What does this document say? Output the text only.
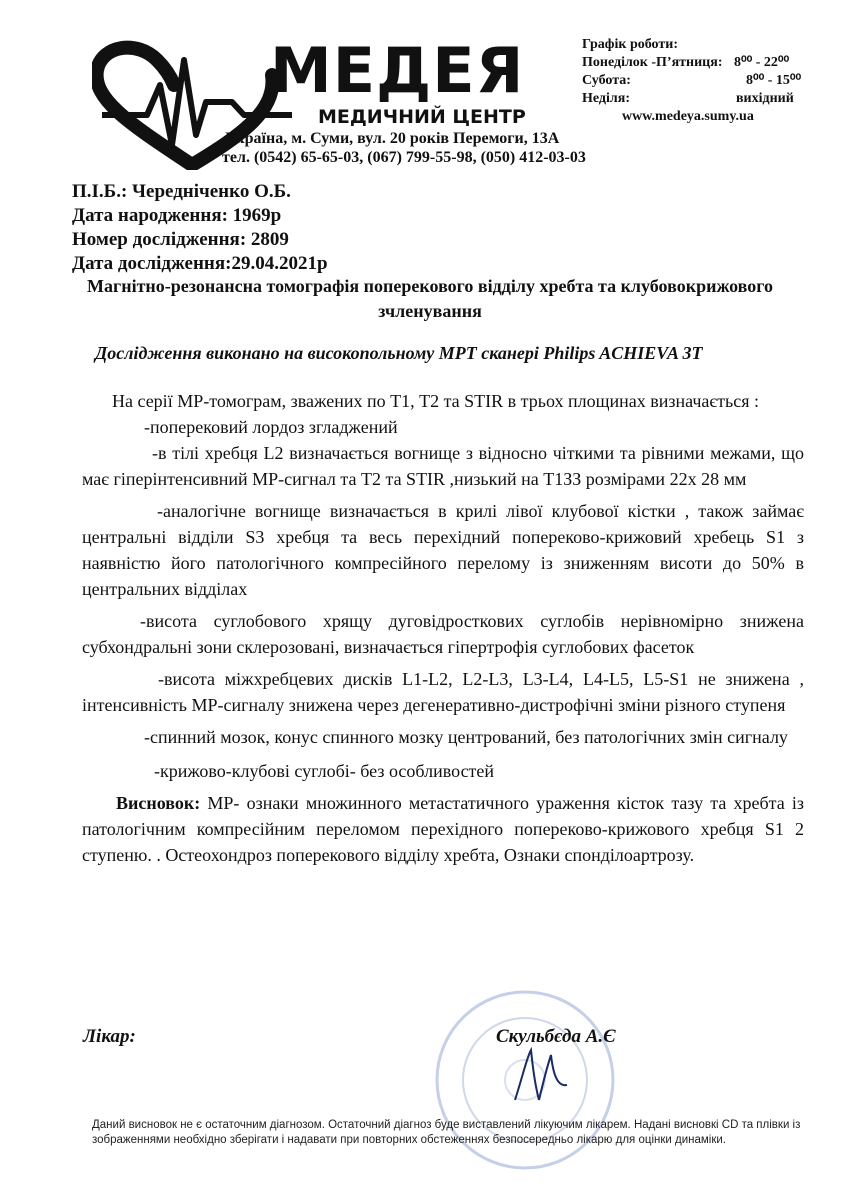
МЕДЕЯ
МЕДИЧНИЙ ЦЕНТР
Україна, м. Суми, вул. 20 років Перемоги, 13А
тел. (0542) 65-65-03, (067) 799-55-98, (050) 412-03-03
Графік роботи:
Понеділок -П’ятниця: 8⁰⁰ - 22⁰⁰
Субота:	8⁰⁰ - 15⁰⁰
Неділя:	вихідний
www.medeya.sumy.ua
П.І.Б.: Чередніченко О.Б.
Дата народження: 1969р
Номер дослідження: 2809
Дата дослідження:29.04.2021р
Магнітно-резонансна томографія поперекового відділу хребта та клубовокрижового зчленування
Дослідження виконано на високопольному МРТ сканері Philips ACHIEVA 3T

На серії МР-томограм, зважених по Т1, Т2 та STIR в трьох площинах визначається :

-поперековий лордоз згладжений

-в тілі хребця L2 визначається вогнище з відносно чіткими та рівними межами, що має гіперінтенсивний МР-сигнал та Т2 та STIR ,низький на Т1ЗЗ розмірами 22х 28 мм

-аналогічне вогнище визначається в крилі лівої клубової кістки , також займає центральні відділи S3 хребця та весь перехідний попереково-крижовий хребець S1 з наявністю його патологічного компресійного перелому із зниженням висоти до 50% в центральних відділах

-висота суглобового хрящу дуговідросткових суглобів нерівномірно знижена субхондральні зони склерозовані, визначається гіпертрофія суглобових фасеток

-висота міжхребцевих дисків L1-L2, L2-L3, L3-L4, L4-L5, L5-S1 не знижена , інтенсивність МР-сигналу знижена через дегенеративно-дистрофічні зміни різного ступеня

-спинний мозок, конус спинного мозку центрований, без патологічних змін сигналу

-крижово-клубові суглобі- без особливостей

Висновок: МР- ознаки множинного метастатичного ураження кісток тазу та хребта із патологічним компресійним переломом перехідного попереково-крижового хребця S1 2 ступеню. . Остеохондроз поперекового відділу хребта, Ознаки спонділоартрозу.

Лікар:	Скульбєда А.Є
Даний висновок не є остаточним діагнозом. Остаточний діагноз буде виставлений лікуючим лікарем. Надані висновкі CD та плівки із зображеннями необхідно зберігати і надавати при повторних обстеженнях безпосередньо лікарю для оцінки динаміки.
